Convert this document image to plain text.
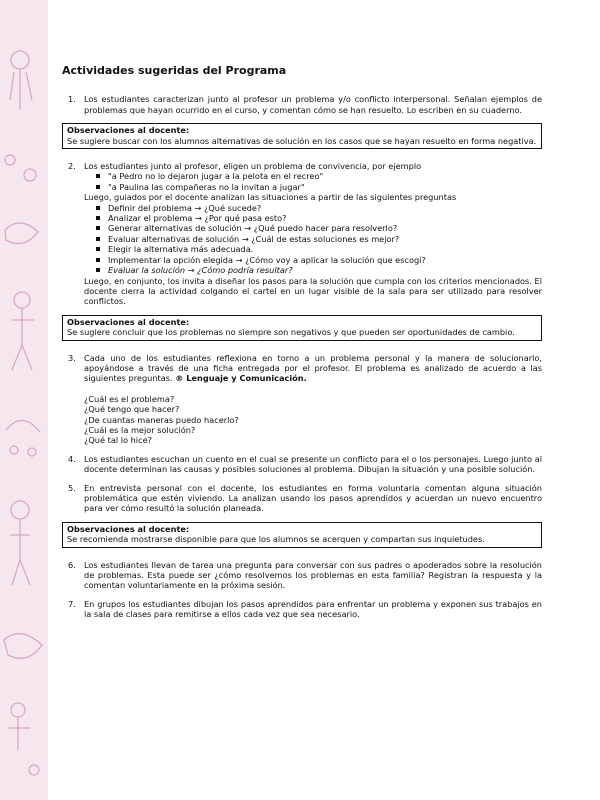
Actividades sugeridas del Programa
1. Los estudiantes caracterizan junto al profesor un problema y/o conflicto interpersonal. Señalan ejemplos de problemas que hayan ocurrido en el curso, y comentan cómo se han resuelto. Lo escriben en su cuaderno.
Observaciones al docente:
Se sugiere buscar con los alumnos alternativas de solución en los casos que se hayan resuelto en forma negativa.
2. Los estudiantes junto al profesor, eligen un problema de convivencia, por ejemplo
"a Pedro no lo dejaron jugar a la pelota en el recreo"
"a Paulina las compañeras no la invitan a jugar"
Luego, guiados por el docente analizan las situaciones a partir de las siguientes preguntas
Definir del problema → ¿Qué sucede?
Analizar el problema → ¿Por qué pasa esto?
Generar alternativas de solución → ¿Qué puedo hacer para resolverlo?
Evaluar alternativas de solución → ¿Cuál de estas soluciones es mejor?
Elegir la alternativa más adecuada.
Implementar la opción elegida → ¿Cómo voy a aplicar la solución que escogí?
Evaluar la solución → ¿Cómo podría resultar?
Luego, en conjunto, los invita a diseñar los pasos para la solución que cumpla con los criterios mencionados. El docente cierra la actividad colgando el cartel en un lugar visible de la sala para ser utilizado para resolver conflictos.
Observaciones al docente:
Se sugiere concluir que los problemas no siempre son negativos y que pueden ser oportunidades de cambio.
3. Cada uno de los estudiantes reflexiona en torno a un problema personal y la manera de solucionarlo, apoyándose a través de una ficha entregada por el profesor. El problema es analizado de acuerdo a las siguientes preguntas. ® Lenguaje y Comunicación.
¿Cuál es el problema?
¿Qué tengo que hacer?
¿De cuantas maneras puedo hacerlo?
¿Cuál es la mejor solución?
¿Qué tal lo hice?
4. Los estudiantes escuchan un cuento en el cual se presente un conflicto para el o los personajes. Luego junto al docente determinan las causas y posibles soluciones al problema. Dibujan la situación y una posible solución.
5. En entrevista personal con el docente, los estudiantes en forma voluntaria comentan alguna situación problemática que estén viviendo. La analizan usando los pasos aprendidos y acuerdan un nuevo encuentro para ver cómo resultó la solución planeada.
Observaciones al docente:
Se recomienda mostrarse disponible para que los alumnos se acerquen y compartan sus inquietudes.
6. Los estudiantes llevan de tarea una pregunta para conversar con sus padres o apoderados sobre la resolución de problemas. Esta puede ser ¿cómo resolvemos los problemas en esta familia? Registran la respuesta y la comentan voluntariamente en la próxima sesión.
7. En grupos los estudiantes dibujan los pasos aprendidos para enfrentar un problema y exponen sus trabajos en la sala de clases para remitirse a ellos cada vez que sea necesario.
